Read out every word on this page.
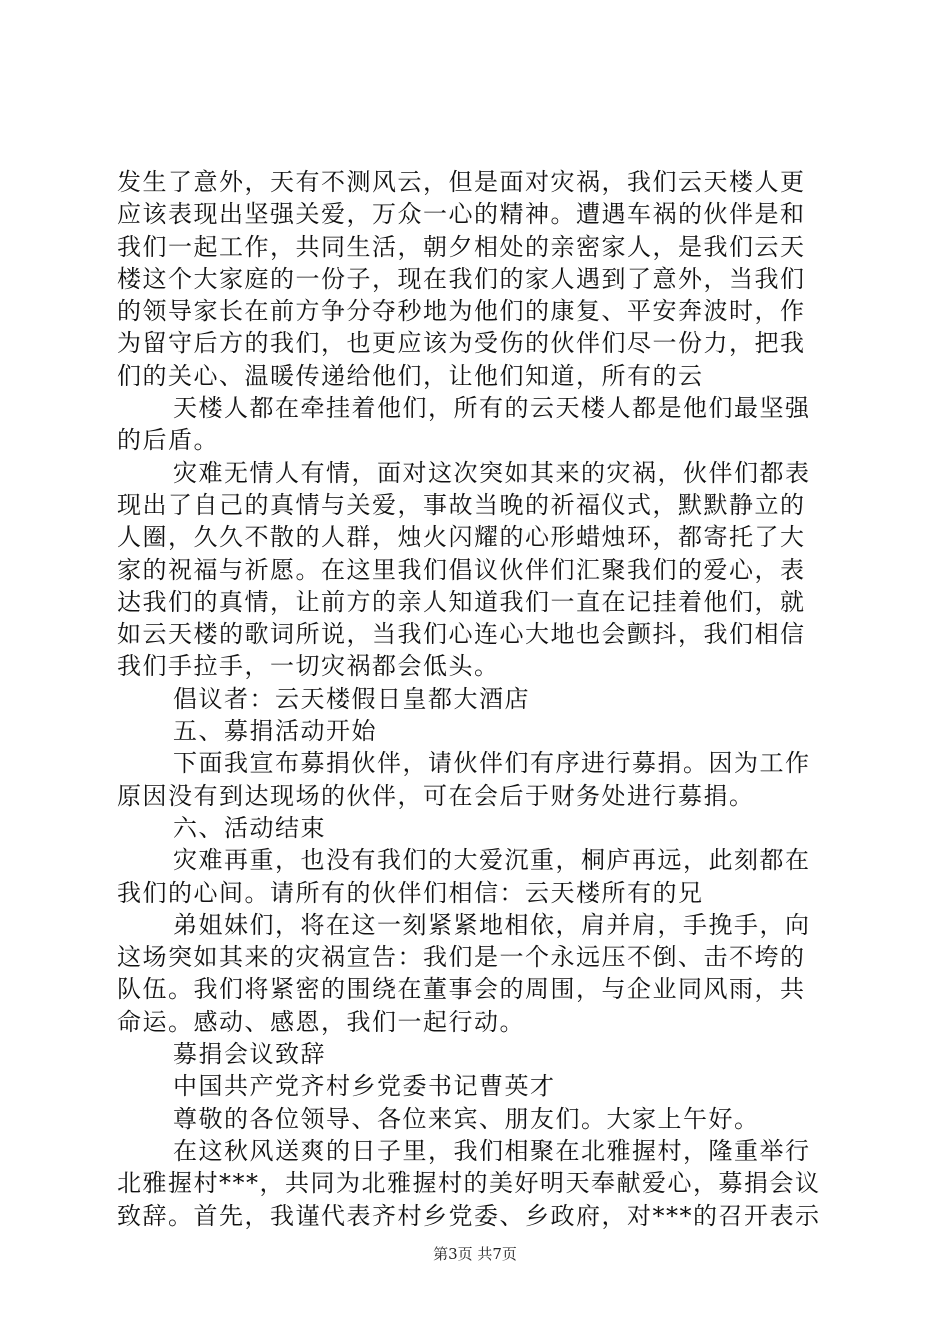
发生了意外，天有不测风云，但是面对灾祸，我们云天楼人更
应该表现出坚强关爱，万众一心的精神。遭遇车祸的伙伴是和
我们一起工作，共同生活，朝夕相处的亲密家人，是我们云天
楼这个大家庭的一份子，现在我们的家人遇到了意外，当我们
的领导家长在前方争分夺秒地为他们的康复、平安奔波时，作
为留守后方的我们，也更应该为受伤的伙伴们尽一份力，把我
们的关心、温暖传递给他们，让他们知道，所有的云
天楼人都在牵挂着他们，所有的云天楼人都是他们最坚强
的后盾。
灾难无情人有情，面对这次突如其来的灾祸，伙伴们都表
现出了自己的真情与关爱，事故当晚的祈福仪式，默默静立的
人圈，久久不散的人群，烛火闪耀的心形蜡烛环，都寄托了大
家的祝福与祈愿。在这里我们倡议伙伴们汇聚我们的爱心，表
达我们的真情，让前方的亲人知道我们一直在记挂着他们，就
如云天楼的歌词所说，当我们心连心大地也会颤抖，我们相信
我们手拉手，一切灾祸都会低头。
倡议者：云天楼假日皇都大酒店
五、募捐活动开始
下面我宣布募捐伙伴，请伙伴们有序进行募捐。因为工作
原因没有到达现场的伙伴，可在会后于财务处进行募捐。
六、活动结束
灾难再重，也没有我们的大爱沉重，桐庐再远，此刻都在
我们的心间。请所有的伙伴们相信：云天楼所有的兄
弟姐妹们，将在这一刻紧紧地相依，肩并肩，手挽手，向
这场突如其来的灾祸宣告：我们是一个永远压不倒、击不垮的
队伍。我们将紧密的围绕在董事会的周围，与企业同风雨，共
命运。感动、感恩，我们一起行动。
募捐会议致辞
中国共产党齐村乡党委书记曹英才
尊敬的各位领导、各位来宾、朋友们。大家上午好。
在这秋风送爽的日子里，我们相聚在北雅握村，隆重举行
北雅握村***，共同为北雅握村的美好明天奉献爱心，募捐会议
致辞。首先，我谨代表齐村乡党委、乡政府，对***的召开表示
第3页 共7页
